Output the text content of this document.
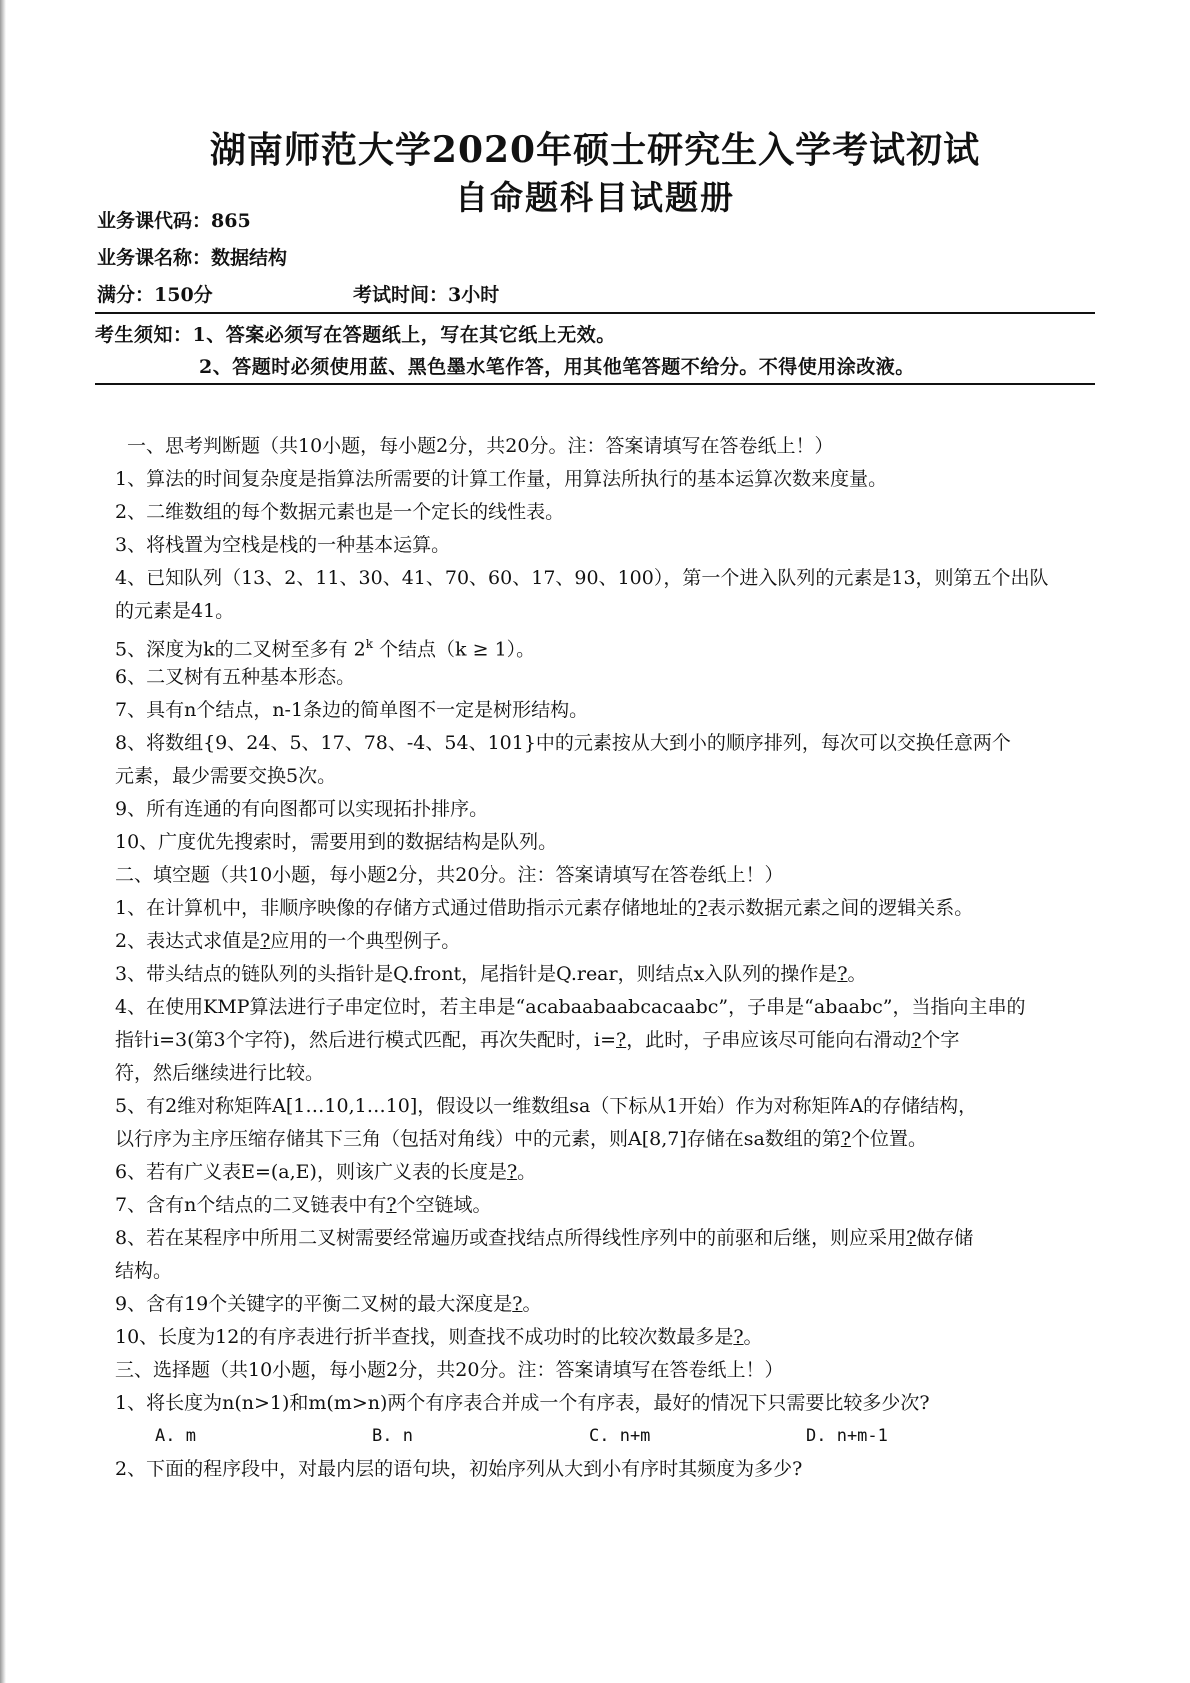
湖南师范大学2020年硕士研究生入学考试初试
自命题科目试题册
业务课代码：865
业务课名称：数据结构
满分：150分	考试时间：3小时
考生须知：1、答案必须写在答题纸上，写在其它纸上无效。
2、答题时必须使用蓝、黑色墨水笔作答，用其他笔答题不给分。不得使用涂改液。
一、思考判断题（共10小题，每小题2分，共20分。注：答案请填写在答卷纸上！）
1、算法的时间复杂度是指算法所需要的计算工作量，用算法所执行的基本运算次数来度量。
2、二维数组的每个数据元素也是一个定长的线性表。
3、将栈置为空栈是栈的一种基本运算。
4、已知队列（13、2、11、30、41、70、60、17、90、100），第一个进入队列的元素是13，则第五个出队
的元素是41。
5、深度为k的二叉树至多有 2$^k$ 个结点（k ≥ 1）。
6、二叉树有五种基本形态。
7、具有n个结点，n-1条边的简单图不一定是树形结构。
8、将数组{9、24、5、17、78、-4、54、101}中的元素按从大到小的顺序排列，每次可以交换任意两个
元素，最少需要交换5次。
9、所有连通的有向图都可以实现拓扑排序。
10、广度优先搜索时，需要用到的数据结构是队列。
二、填空题（共10小题，每小题2分，共20分。注：答案请填写在答卷纸上！）
1、在计算机中，非顺序映像的存储方式通过借助指示元素存储地址的?表示数据元素之间的逻辑关系。
2、表达式求值是?应用的一个典型例子。
3、带头结点的链队列的头指针是Q.front，尾指针是Q.rear，则结点x入队列的操作是?。
4、在使用KMP算法进行子串定位时，若主串是“acabaabaabcacaabc”，子串是“abaabc”，当指向主串的
指针i=3(第3个字符)，然后进行模式匹配，再次失配时，i=?，此时，子串应该尽可能向右滑动?个字
符，然后继续进行比较。
5、有2维对称矩阵A[1…10,1…10]，假设以一维数组sa（下标从1开始）作为对称矩阵A的存储结构，
以行序为主序压缩存储其下三角（包括对角线）中的元素，则A[8,7]存储在sa数组的第?个位置。
6、若有广义表E=(a,E)，则该广义表的长度是?。
7、含有n个结点的二叉链表中有?个空链域。
8、若在某程序中所用二叉树需要经常遍历或查找结点所得线性序列中的前驱和后继，则应采用?做存储
结构。
9、含有19个关键字的平衡二叉树的最大深度是?。
10、长度为12的有序表进行折半查找，则查找不成功时的比较次数最多是?。
三、选择题（共10小题，每小题2分，共20分。注：答案请填写在答卷纸上！）
1、将长度为n(n>1)和m(m>n)两个有序表合并成一个有序表，最好的情况下只需要比较多少次?
A. m	B. n	C. n+m	D. n+m-1
2、下面的程序段中，对最内层的语句块，初始序列从大到小有序时其频度为多少?
